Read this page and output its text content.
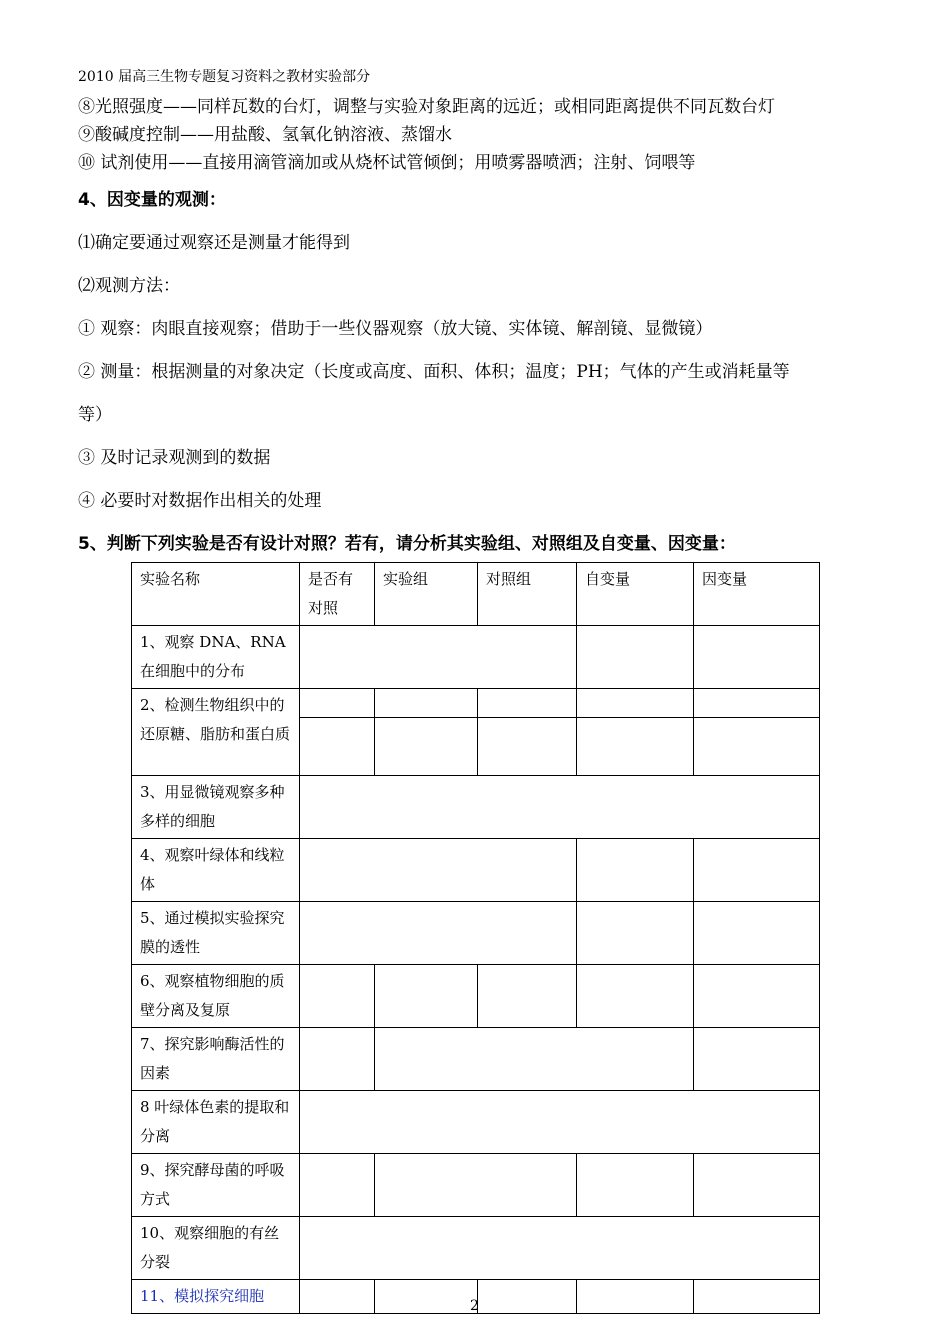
2010 届高三生物专题复习资料之教材实验部分
⑧光照强度——同样瓦数的台灯，调整与实验对象距离的远近；或相同距离提供不同瓦数台灯
⑨酸碱度控制——用盐酸、氢氧化钠溶液、蒸馏水
⑩ 试剂使用——直接用滴管滴加或从烧杯试管倾倒；用喷雾器喷洒；注射、饲喂等
4、因变量的观测：
⑴确定要通过观察还是测量才能得到
⑵观测方法：
① 观察：肉眼直接观察；借助于一些仪器观察（放大镜、实体镜、解剖镜、显微镜）
② 测量：根据测量的对象决定（长度或高度、面积、体积；温度；PH；气体的产生或消耗量等
等）
③ 及时记录观测到的数据
④ 必要时对数据作出相关的处理
5、判断下列实验是否有设计对照？若有，请分析其实验组、对照组及自变量、因变量：
实验名称	是否有对照	实验组	对照组	自变量	因变量
1、观察 DNA、RNA 在细胞中的分布					
2、检测生物组织中的还原糖、脂肪和蛋白质					

3、用显微镜观察多种多样的细胞					
4、观察叶绿体和线粒体					
5、通过模拟实验探究膜的透性					
6、观察植物细胞的质壁分离及复原					
7、探究影响酶活性的因素					
8 叶绿体色素的提取和分离					
9、探究酵母菌的呼吸方式					
10、观察细胞的有丝分裂					
11、模拟探究细胞					
2
